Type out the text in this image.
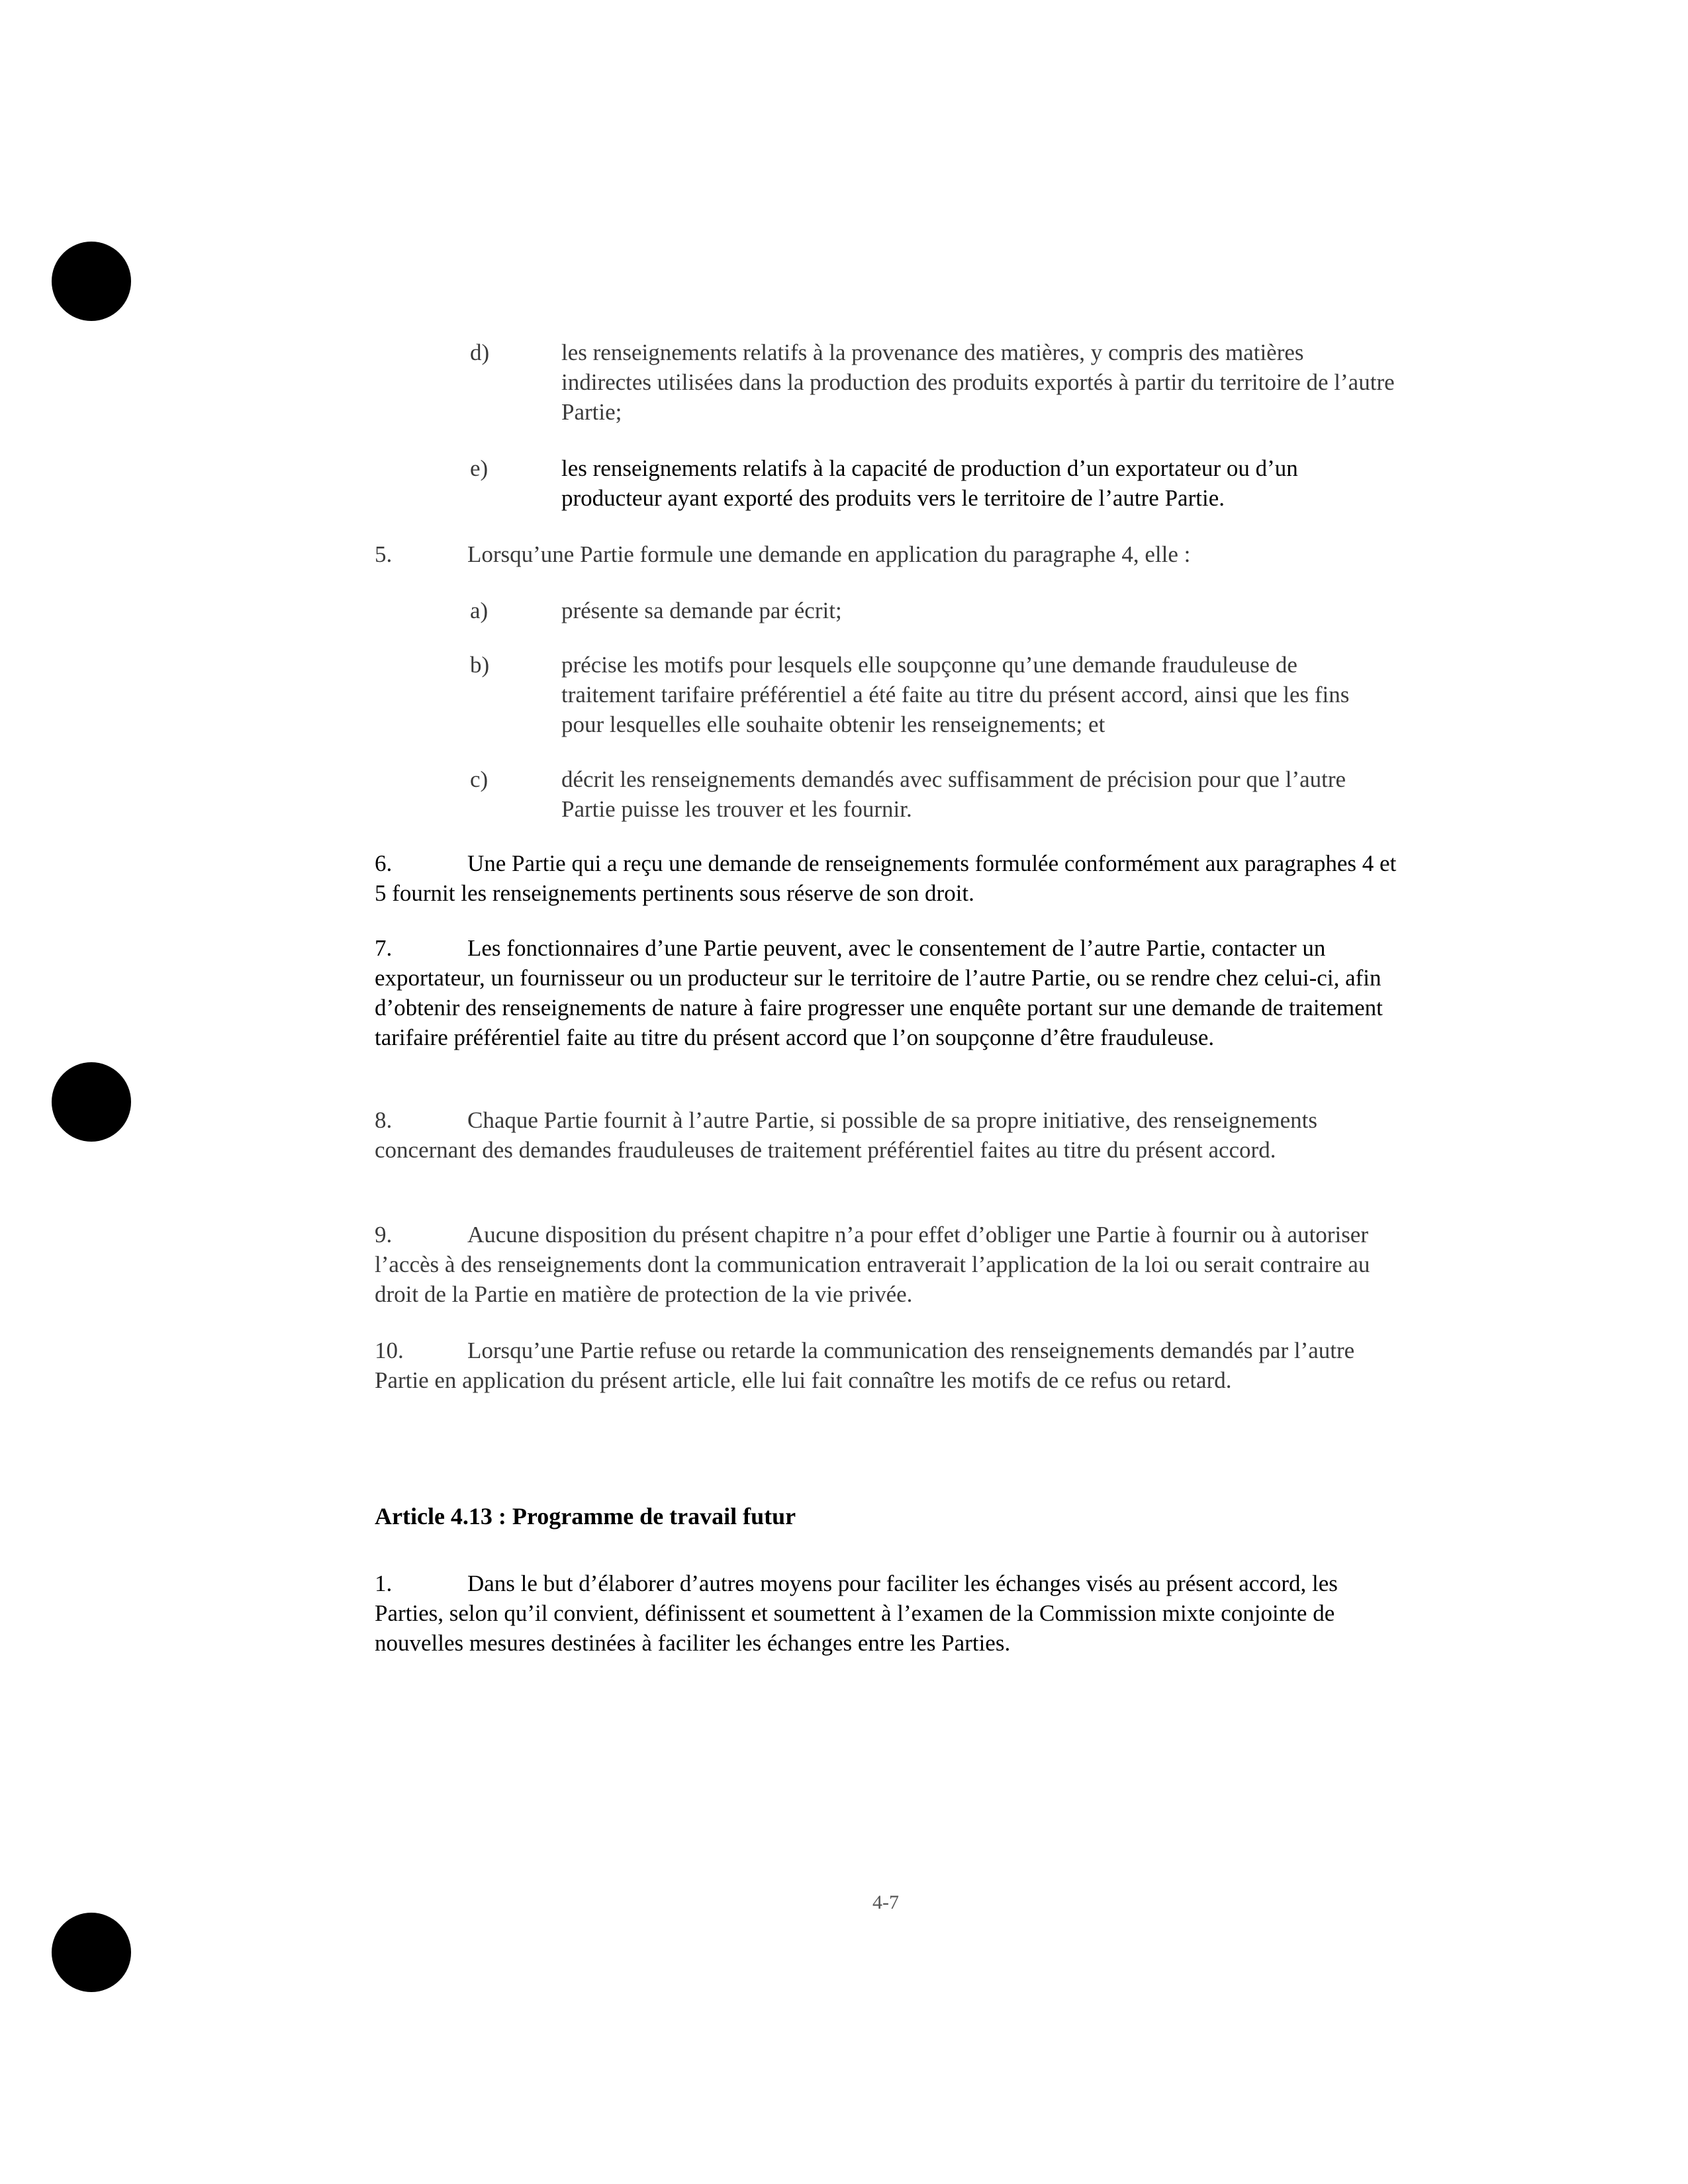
d)	les renseignements relatifs à la provenance des matières, y compris des matières indirectes utilisées dans la production des produits exportés à partir du territoire de l’autre Partie;

e)	les renseignements relatifs à la capacité de production d’un exportateur ou d’un producteur ayant exporté des produits vers le territoire de l’autre Partie.

5.	Lorsqu’une Partie formule une demande en application du paragraphe 4, elle :

a)	présente sa demande par écrit;

b)	précise les motifs pour lesquels elle soupçonne qu’une demande frauduleuse de traitement tarifaire préférentiel a été faite au titre du présent accord, ainsi que les fins pour lesquelles elle souhaite obtenir les renseignements; et

c)	décrit les renseignements demandés avec suffisamment de précision pour que l’autre Partie puisse les trouver et les fournir.

6.	Une Partie qui a reçu une demande de renseignements formulée conformément aux paragraphes 4 et 5 fournit les renseignements pertinents sous réserve de son droit.

7.	Les fonctionnaires d’une Partie peuvent, avec le consentement de l’autre Partie, contacter un exportateur, un fournisseur ou un producteur sur le territoire de l’autre Partie, ou se rendre chez celui-ci, afin d’obtenir des renseignements de nature à faire progresser une enquête portant sur une demande de traitement tarifaire préférentiel faite au titre du présent accord que l’on soupçonne d’être frauduleuse.

8.	Chaque Partie fournit à l’autre Partie, si possible de sa propre initiative, des renseignements concernant des demandes frauduleuses de traitement préférentiel faites au titre du présent accord.

9.	Aucune disposition du présent chapitre n’a pour effet d’obliger une Partie à fournir ou à autoriser l’accès à des renseignements dont la communication entraverait l’application de la loi ou serait contraire au droit de la Partie en matière de protection de la vie privée.

10.	Lorsqu’une Partie refuse ou retarde la communication des renseignements demandés par l’autre Partie en application du présent article, elle lui fait connaître les motifs de ce refus ou retard.

Article 4.13 : Programme de travail futur

1.	Dans le but d’élaborer d’autres moyens pour faciliter les échanges visés au présent accord, les Parties, selon qu’il convient, définissent et soumettent à l’examen de la Commission mixte conjointe de nouvelles mesures destinées à faciliter les échanges entre les Parties.

4-7
